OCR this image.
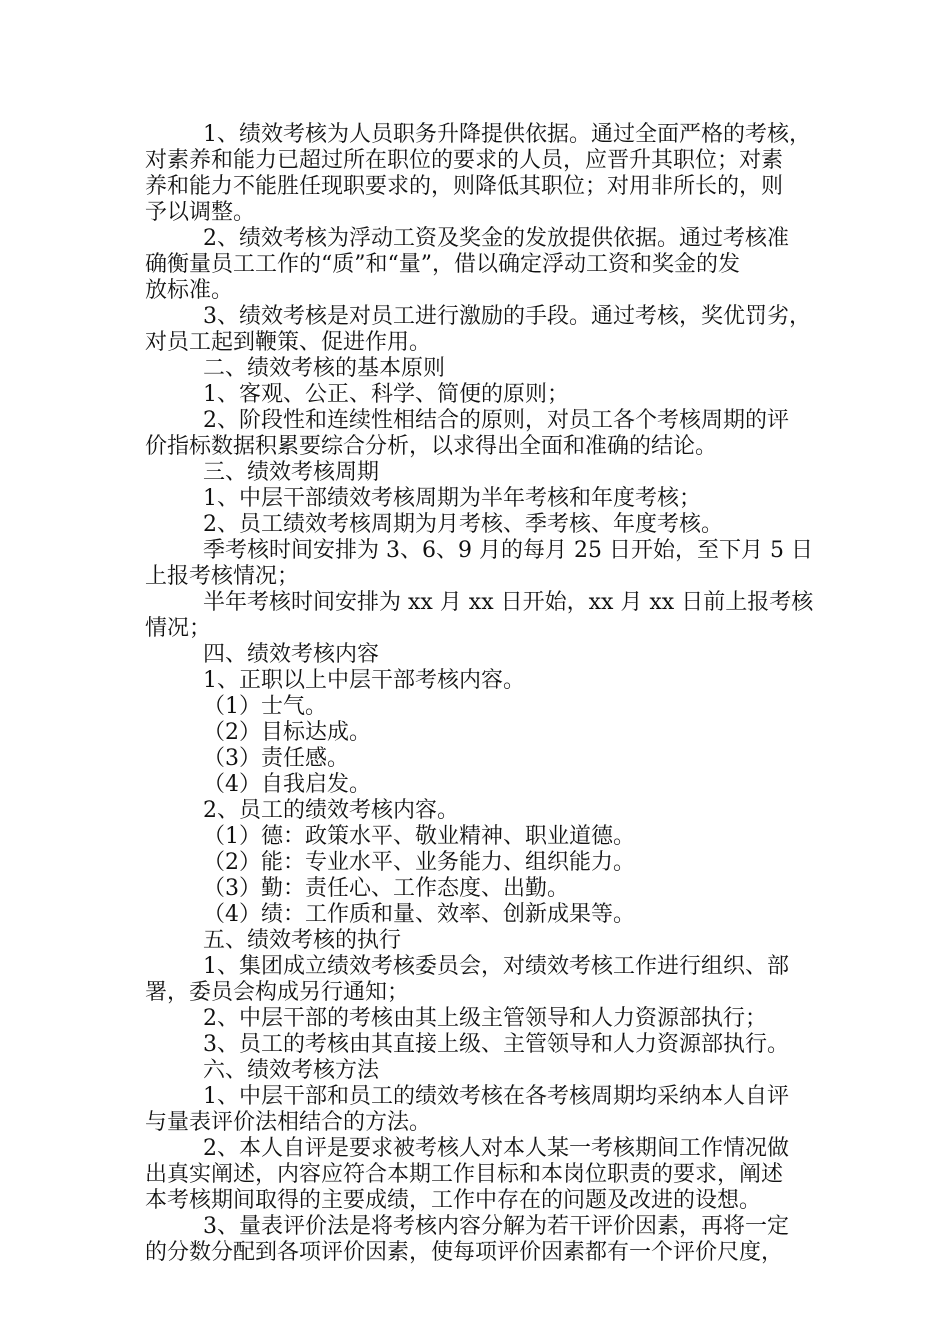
1、绩效考核为人员职务升降提供依据。通过全面严格的考核，
对素养和能力已超过所在职位的要求的人员，应晋升其职位；对素
养和能力不能胜任现职要求的，则降低其职位；对用非所长的，则
予以调整。
2、绩效考核为浮动工资及奖金的发放提供依据。通过考核准
确衡量员工工作的“质”和“量”，借以确定浮动工资和奖金的发
放标准。
3、绩效考核是对员工进行激励的手段。通过考核，奖优罚劣，
对员工起到鞭策、促进作用。
二、绩效考核的基本原则
1、客观、公正、科学、简便的原则；
2、阶段性和连续性相结合的原则，对员工各个考核周期的评
价指标数据积累要综合分析，以求得出全面和准确的结论。
三、绩效考核周期
1、中层干部绩效考核周期为半年考核和年度考核；
2、员工绩效考核周期为月考核、季考核、年度考核。
季考核时间安排为 3、6、9 月的每月 25 日开始，至下月 5 日
上报考核情况；
半年考核时间安排为 xx 月 xx 日开始，xx 月 xx 日前上报考核
情况；
四、绩效考核内容
1、正职以上中层干部考核内容。
（1）士气。
（2）目标达成。
（3）责任感。
（4）自我启发。
2、员工的绩效考核内容。
（1）德：政策水平、敬业精神、职业道德。
（2）能：专业水平、业务能力、组织能力。
（3）勤：责任心、工作态度、出勤。
（4）绩：工作质和量、效率、创新成果等。
五、绩效考核的执行
1、集团成立绩效考核委员会，对绩效考核工作进行组织、部
署，委员会构成另行通知；
2、中层干部的考核由其上级主管领导和人力资源部执行；
3、员工的考核由其直接上级、主管领导和人力资源部执行。
六、绩效考核方法
1、中层干部和员工的绩效考核在各考核周期均采纳本人自评
与量表评价法相结合的方法。
2、本人自评是要求被考核人对本人某一考核期间工作情况做
出真实阐述，内容应符合本期工作目标和本岗位职责的要求，阐述
本考核期间取得的主要成绩，工作中存在的问题及改进的设想。
3、量表评价法是将考核内容分解为若干评价因素，再将一定
的分数分配到各项评价因素，使每项评价因素都有一个评价尺度，
